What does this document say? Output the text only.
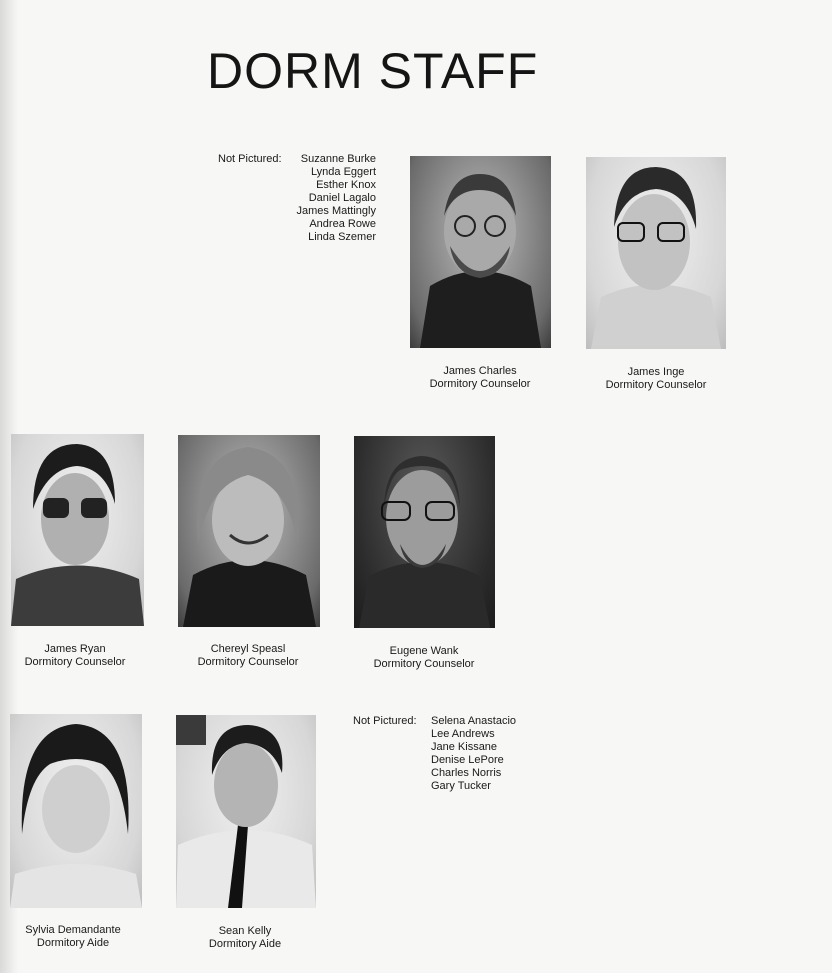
DORM STAFF
Not Pictured:	Suzanne Burke
Lynda Eggert
Esther Knox
Daniel Lagalo
James Mattingly
Andrea Rowe
Linda Szemer
Not Pictured: Selena Anastacio
Lee Andrews
Jane Kissane
Denise LePore
Charles Norris
Gary Tucker
James Charles
Dormitory Counselor
James Inge
Dormitory Counselor
James Ryan
Dormitory Counselor
Chereyl Speasl
Dormitory Counselor
Eugene Wank
Dormitory Counselor
Sylvia Demandante
Dormitory Aide
Sean Kelly
Dormitory Aide
